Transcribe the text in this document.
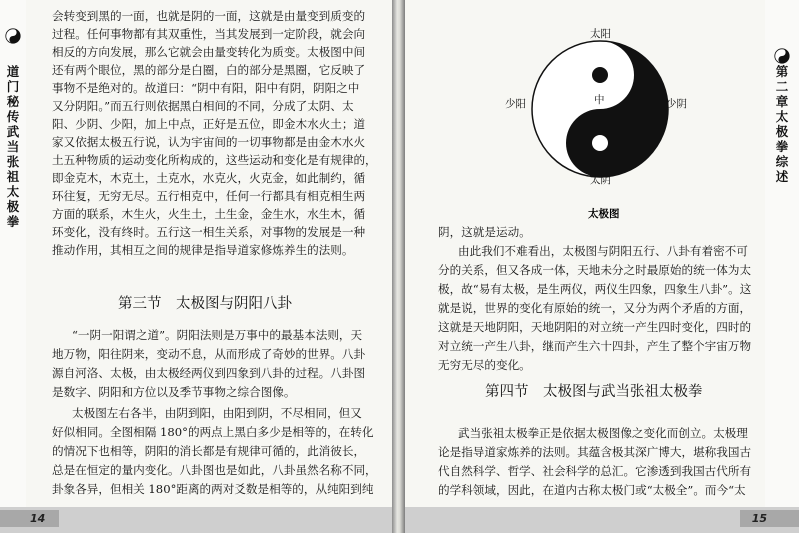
道门秘传武当张祖太极拳
会转变到黑的一面，也就是阴的一面，这就是由量变到质变的
过程。任何事物都有其双重性，当其发展到一定阶段，就会向
相反的方向发展，那么它就会由量变转化为质变。太极图中间
还有两个眼位，黑的部分是白圈，白的部分是黑圈，它反映了
事物不是绝对的。故道曰：“阴中有阳，阳中有阴，阴阳之中
又分阴阳。”而五行则依据黑白相间的不同，分成了太阴、太
阳、少阴、少阳，加上中点，正好是五位，即金木水火土；道
家又依据太极五行说，认为宇宙间的一切事物都是由金木水火
土五种物质的运动变化所构成的，这些运动和变化是有规律的，
即金克木，木克土，土克水，水克火，火克金，如此制约，循
环往复，无穷无尽。五行相克中，任何一行都具有相克相生两
方面的联系，木生火，火生土，土生金，金生水，水生木，循
环变化，没有终时。五行这一相生关系，对事物的发展是一种
推动作用，其相互之间的规律是指导道家修炼养生的法则。
第三节　太极图与阴阳八卦
“一阴一阳谓之道”。阴阳法则是万事中的最基本法则，天
地万物，阳往阴来，变动不息，从而形成了奇妙的世界。八卦
源自河洛、太极，由太极经两仪到四象到八卦的过程。八卦图
是数字、阴阳和方位以及季节事物之综合图像。
太极图左右各半，由阴到阳，由阳到阴，不尽相同，但又
好似相同。全图相隔 180°的两点上黑白多少是相等的，在转化
的情况下也相等，阴阳的消长都是有规律可循的，此消彼长，
总是在恒定的量内变化。八卦图也是如此，八卦虽然名称不同，
卦象各异，但相关 180°距离的两对爻数是相等的，从纯阳到纯
14
第二章 太极拳综述
太阳
中
少阳	少阴
太阴
太极图
阴，这就是运动。
由此我们不难看出，太极图与阴阳五行、八卦有着密不可
分的关系，但又各成一体，天地未分之时最原始的统一体为太
极，故“易有太极，是生两仪，两仪生四象，四象生八卦”。这
就是说，世界的变化有原始的统一，又分为两个矛盾的方面，
这就是天地阴阳，天地阴阳的对立统一产生四时变化，四时的
对立统一产生八卦，继而产生六十四卦，产生了整个宇宙万物
无穷无尽的变化。
第四节　太极图与武当张祖太极拳
武当张祖太极拳正是依据太极图像之变化而创立。太极理
论是指导道家炼养的法则。其蕴含极其深广博大，堪称我国古
代自然科学、哲学、社会科学的总汇。它渗透到我国古代所有
的学科领域，因此，在道内古称太极门或“太极全”。而今“太
15
